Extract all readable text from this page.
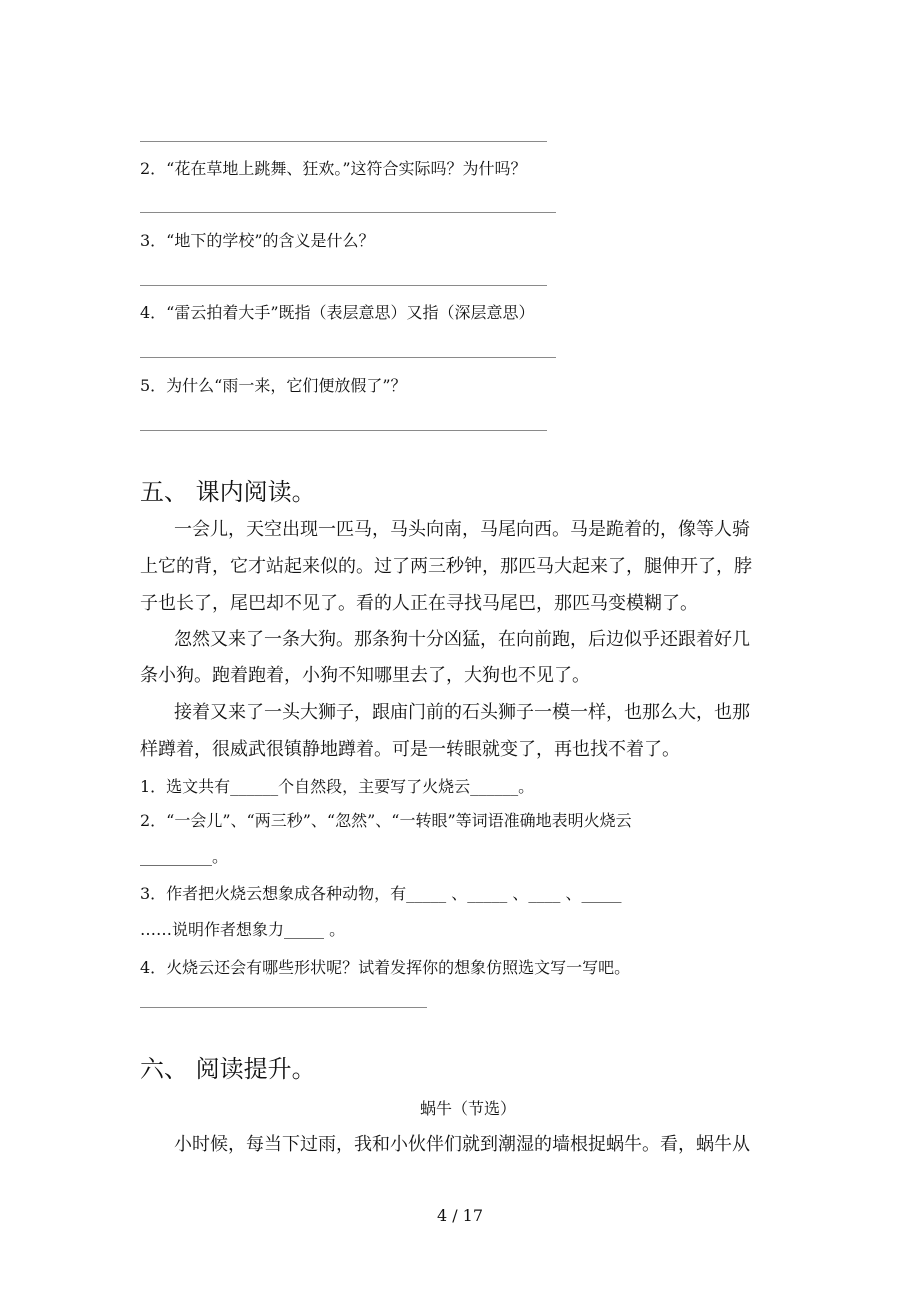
2．“花在草地上跳舞、狂欢。”这符合实际吗？为什吗？
3．“地下的学校”的含义是什么？
4．“雷云拍着大手”既指（表层意思）又指（深层意思）
5．为什么“雨一来，它们便放假了”？
五、 课内阅读。
一会儿，天空出现一匹马，马头向南，马尾向西。马是跪着的，像等人骑
上它的背，它才站起来似的。过了两三秒钟，那匹马大起来了，腿伸开了，脖
子也长了，尾巴却不见了。看的人正在寻找马尾巴，那匹马变模糊了。
忽然又来了一条大狗。那条狗十分凶猛，在向前跑，后边似乎还跟着好几
条小狗。跑着跑着，小狗不知哪里去了，大狗也不见了。
接着又来了一头大狮子，跟庙门前的石头狮子一模一样，也那么大，也那
样蹲着，很威武很镇静地蹲着。可是一转眼就变了，再也找不着了。
1．选文共有______个自然段，主要写了火烧云______。
2．“一会儿”、“两三秒”、“忽然”、“一转眼”等词语准确地表明火烧云
_________。
3．作者把火烧云想象成各种动物，有_____ 、_____ 、____ 、_____
……说明作者想象力_____ 。
4．火烧云还会有哪些形状呢？试着发挥你的想象仿照选文写一写吧。
六、 阅读提升。
蜗牛（节选）
小时候，每当下过雨，我和小伙伴们就到潮湿的墙根捉蜗牛。看，蜗牛从
4 / 17
